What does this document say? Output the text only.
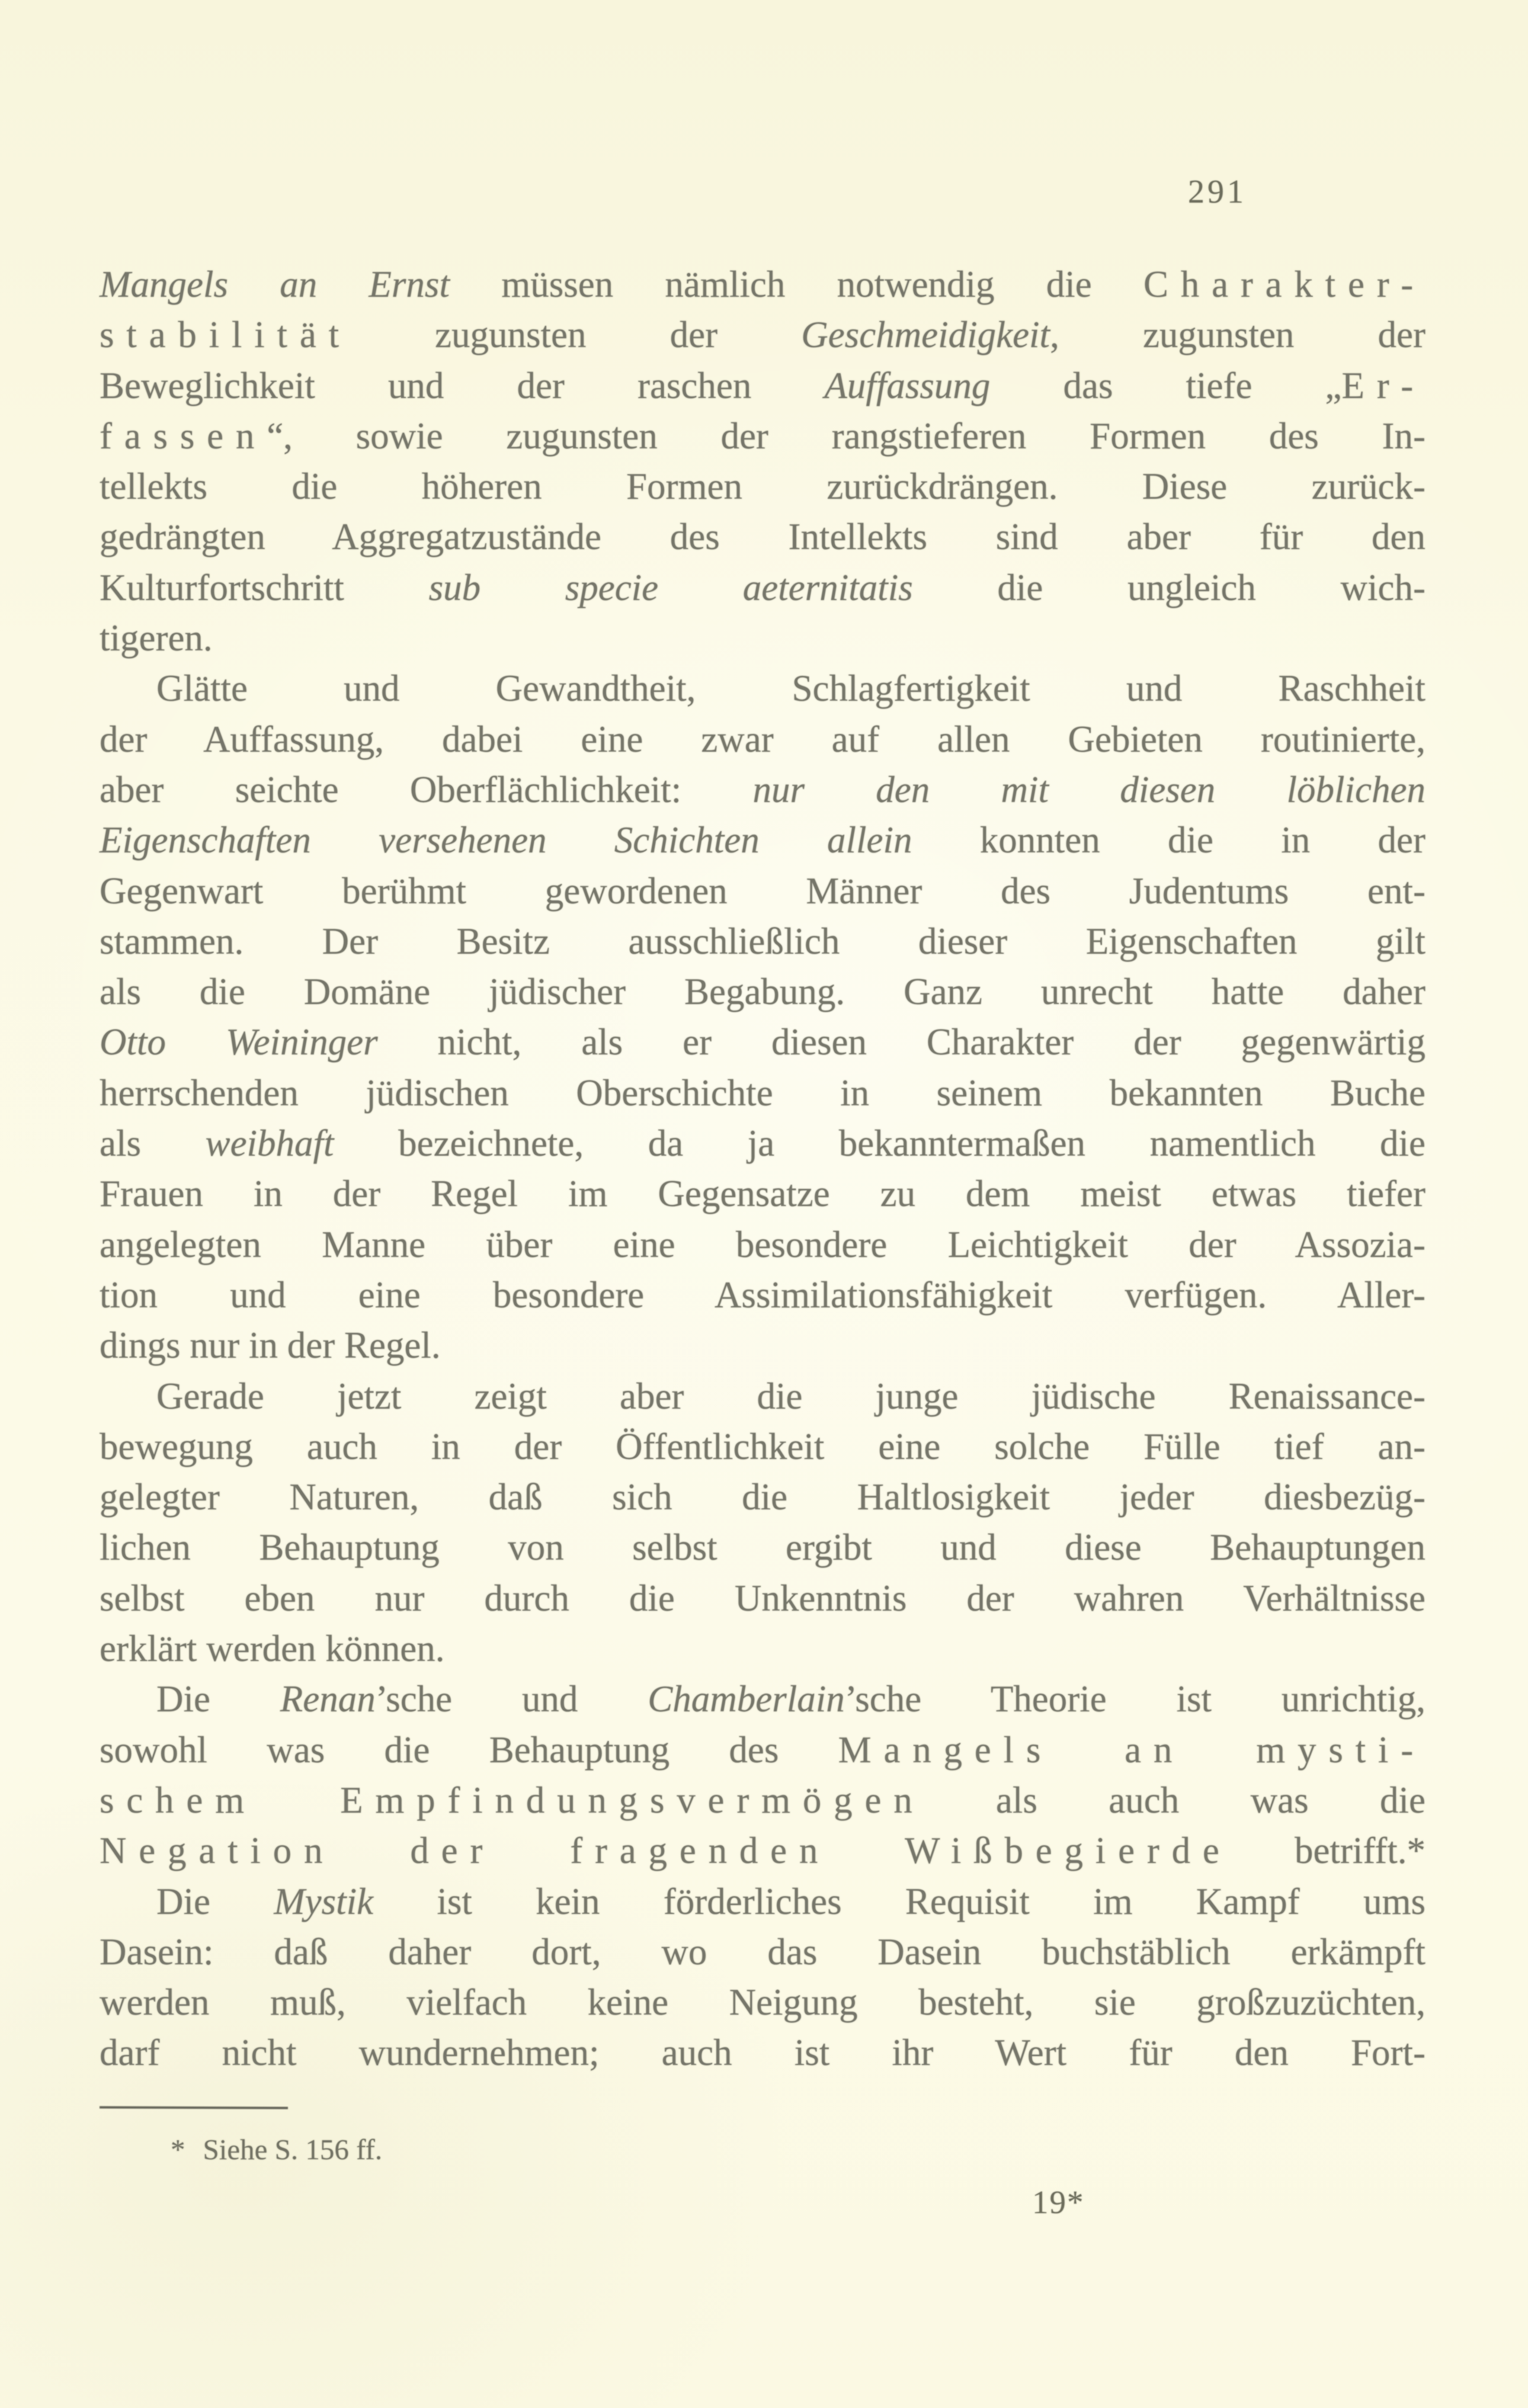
291
Mangels an Ernst müssen nämlich notwendig die Charakter-
stabilität zugunsten der Geschmeidigkeit, zugunsten der
Beweglichkeit und der raschen Auffassung das tiefe „Er-
fassen“, sowie zugunsten der rangstieferen Formen des In-
tellekts die höheren Formen zurückdrängen. Diese zurück-
gedrängten Aggregatzustände des Intellekts sind aber für den
Kulturfortschritt sub specie aeternitatis die ungleich wich-
tigeren.
Glätte und Gewandtheit, Schlagfertigkeit und Raschheit
der Auffassung, dabei eine zwar auf allen Gebieten routinierte,
aber seichte Oberflächlichkeit: nur den mit diesen löblichen
Eigenschaften versehenen Schichten allein konnten die in der
Gegenwart berühmt gewordenen Männer des Judentums ent-
stammen. Der Besitz ausschließlich dieser Eigenschaften gilt
als die Domäne jüdischer Begabung. Ganz unrecht hatte daher
Otto Weininger nicht, als er diesen Charakter der gegenwärtig
herrschenden jüdischen Oberschichte in seinem bekannten Buche
als weibhaft bezeichnete, da ja bekanntermaßen namentlich die
Frauen in der Regel im Gegensatze zu dem meist etwas tiefer
angelegten Manne über eine besondere Leichtigkeit der Assozia-
tion und eine besondere Assimilationsfähigkeit verfügen. Aller-
dings nur in der Regel.
Gerade jetzt zeigt aber die junge jüdische Renaissance-
bewegung auch in der Öffentlichkeit eine solche Fülle tief an-
gelegter Naturen, daß sich die Haltlosigkeit jeder diesbezüg-
lichen Behauptung von selbst ergibt und diese Behauptungen
selbst eben nur durch die Unkenntnis der wahren Verhältnisse
erklärt werden können.
Die Renan’sche und Chamberlain’sche Theorie ist unrichtig,
sowohl was die Behauptung des Mangels an mysti-
schem Empfindungsvermögen als auch was die
Negation der fragenden Wißbegierde betrifft.*
Die Mystik ist kein förderliches Requisit im Kampf ums
Dasein: daß daher dort, wo das Dasein buchstäblich erkämpft
werden muß, vielfach keine Neigung besteht, sie großzuzüchten,
darf nicht wundernehmen; auch ist ihr Wert für den Fort-
* Siehe S. 156 ff.
19*
